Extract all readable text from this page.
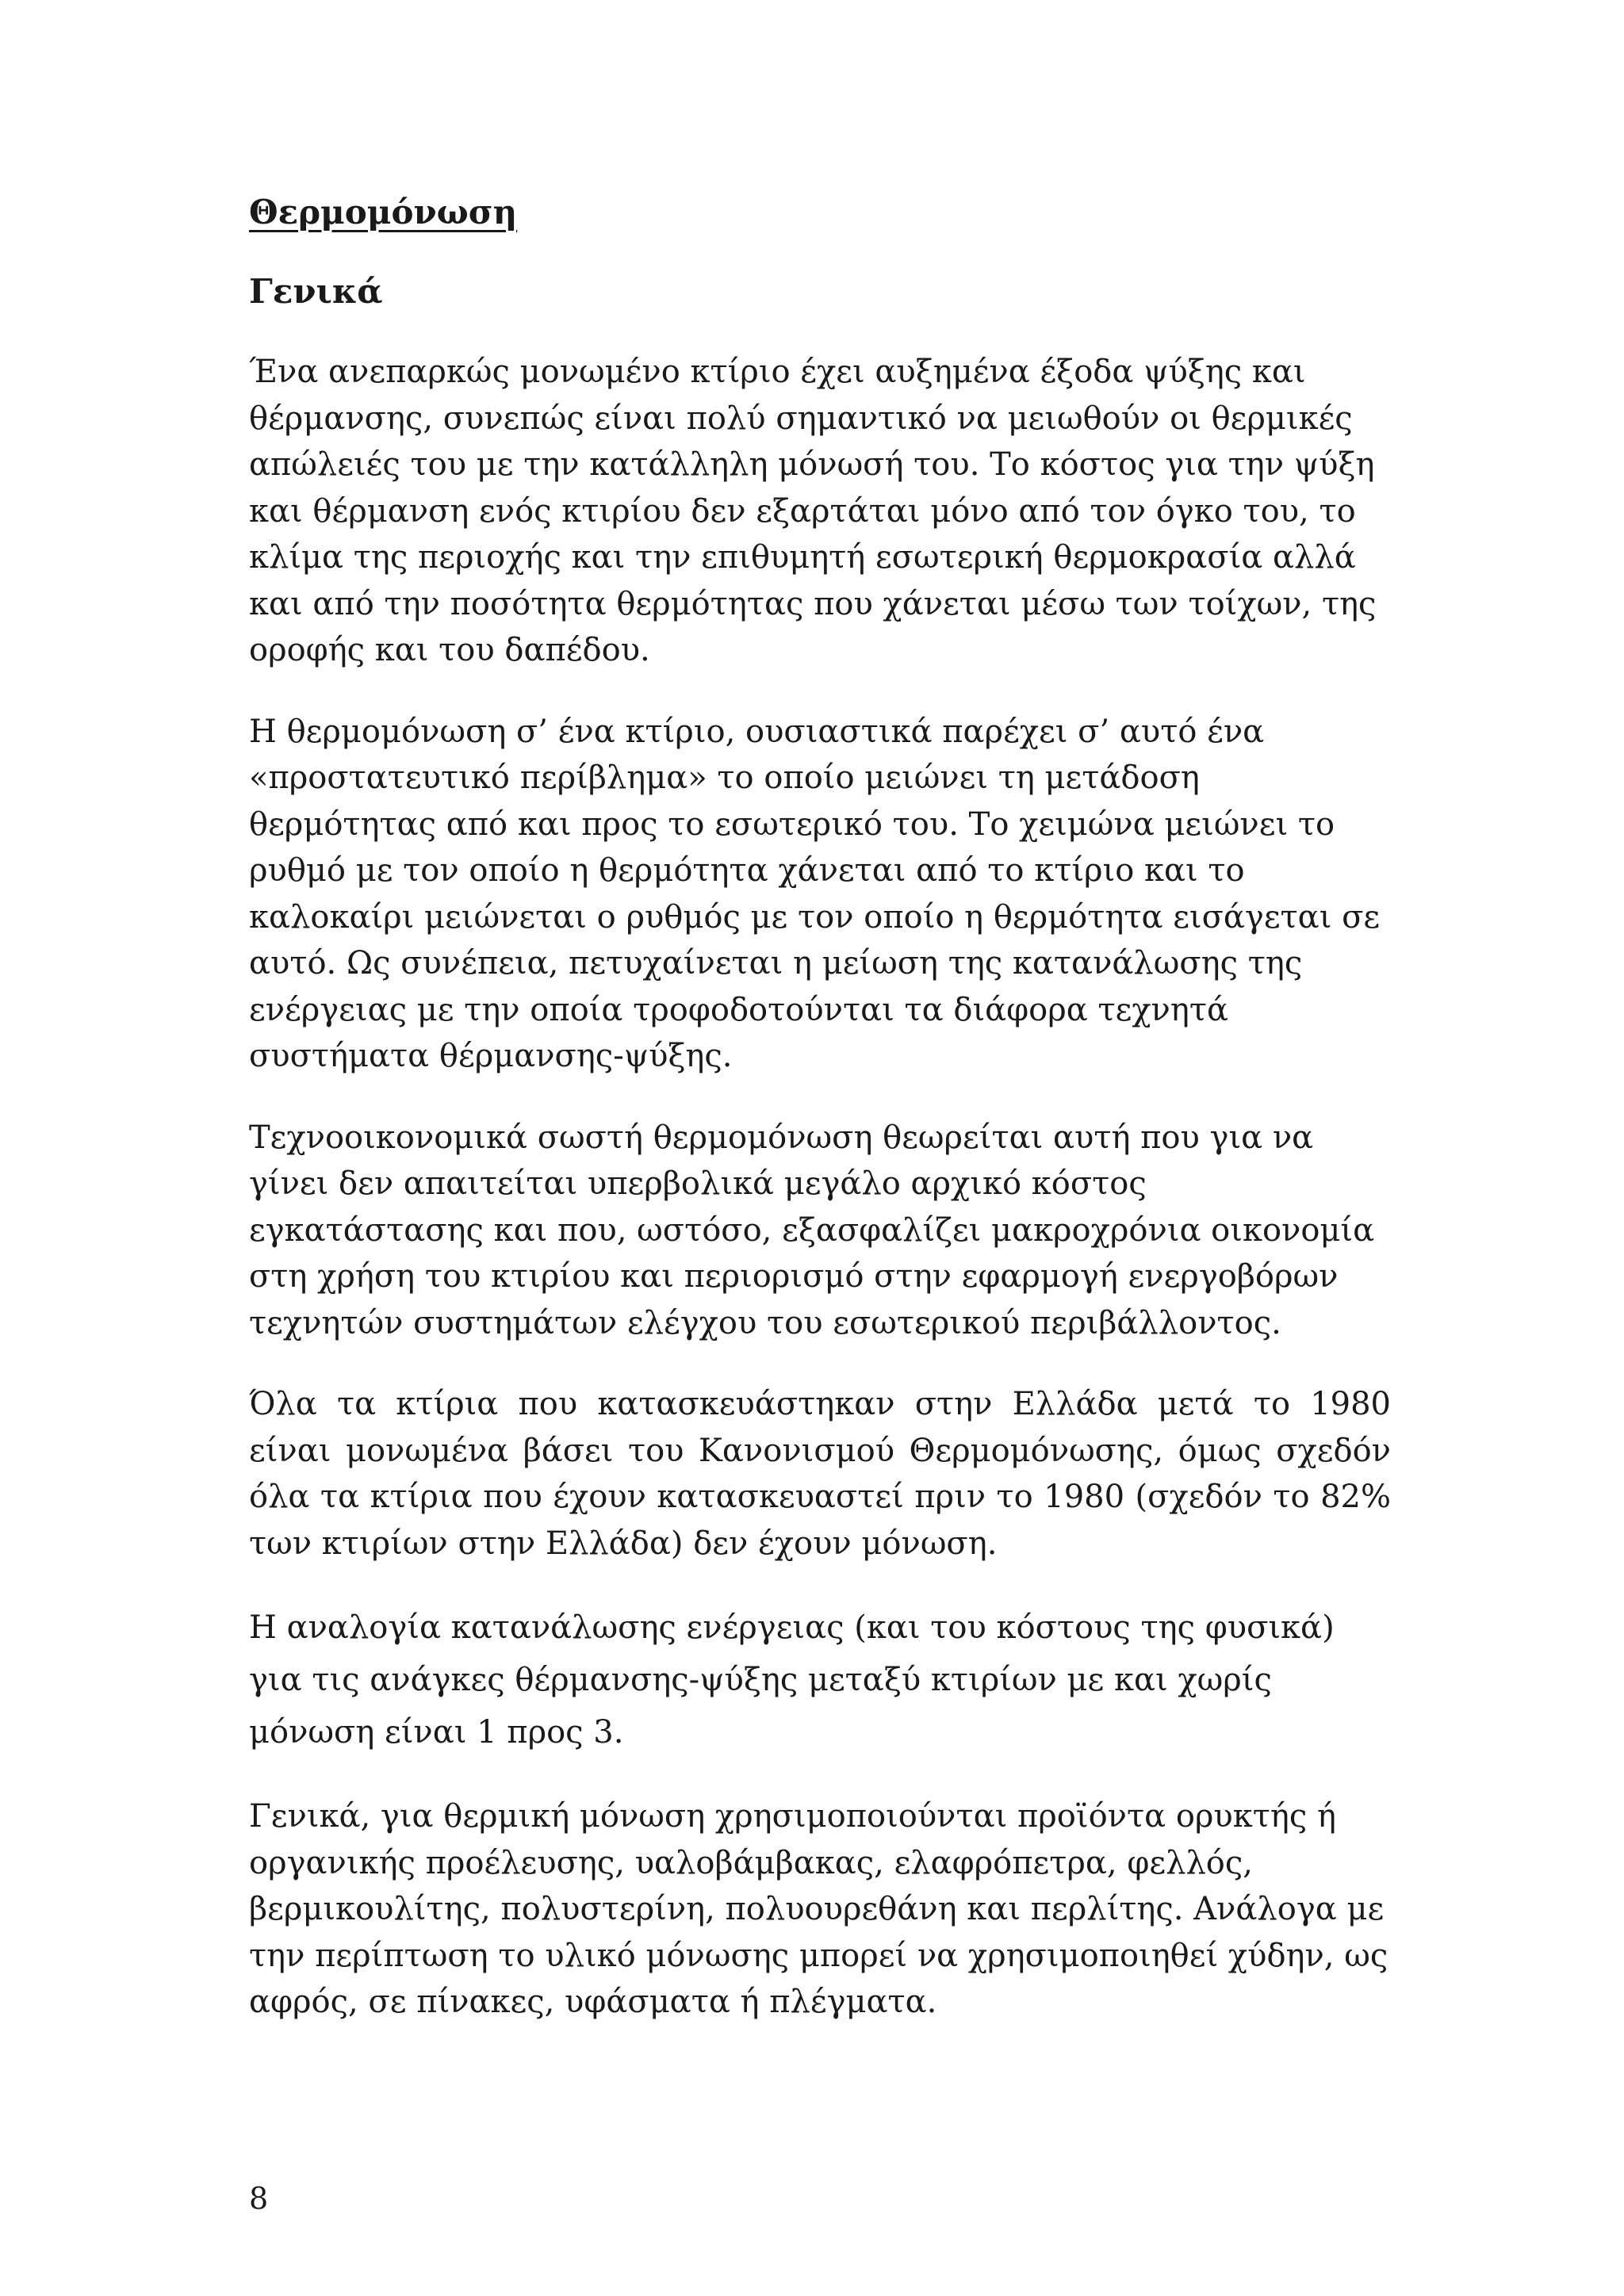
Θερμομόνωση
Γενικά

Ένα ανεπαρκώς μονωμένο κτίριο έχει αυξημένα έξοδα ψύξης και θέρμανσης, συνεπώς είναι πολύ σημαντικό να μειωθούν οι θερμικές απώλειές του με την κατάλληλη μόνωσή του. Το κόστος για την ψύξη και θέρμανση ενός κτιρίου δεν εξαρτάται μόνο από τον όγκο του, το κλίμα της περιοχής και την επιθυμητή εσωτερική θερμοκρασία αλλά και από την ποσότητα θερμότητας που χάνεται μέσω των τοίχων, της οροφής και του δαπέδου.

Η θερμομόνωση σ’ ένα κτίριο, ουσιαστικά παρέχει σ’ αυτό ένα «προστατευτικό περίβλημα» το οποίο μειώνει τη μετάδοση θερμότητας από και προς το εσωτερικό του. Το χειμώνα μειώνει το ρυθμό με τον οποίο η θερμότητα χάνεται από το κτίριο και το καλοκαίρι μειώνεται ο ρυθμός με τον οποίο η θερμότητα εισάγεται σε αυτό. Ως συνέπεια, πετυχαίνεται η μείωση της κατανάλωσης της ενέργειας με την οποία τροφοδοτούνται τα διάφορα τεχνητά συστήματα θέρμανσης-ψύξης.

Τεχνοοικονομικά σωστή θερμομόνωση θεωρείται αυτή που για να γίνει δεν απαιτείται υπερβολικά μεγάλο αρχικό κόστος εγκατάστασης και που, ωστόσο, εξασφαλίζει μακροχρόνια οικονομία στη χρήση του κτιρίου και περιορισμό στην εφαρμογή ενεργοβόρων τεχνητών συστημάτων ελέγχου του εσωτερικού περιβάλλοντος.

Όλα τα κτίρια που κατασκευάστηκαν στην Ελλάδα μετά το 1980 είναι μονωμένα βάσει του Κανονισμού Θερμομόνωσης, όμως σχεδόν όλα τα κτίρια που έχουν κατασκευαστεί πριν το 1980 (σχεδόν το 82% των κτιρίων στην Ελλάδα) δεν έχουν μόνωση.

Η αναλογία κατανάλωσης ενέργειας (και του κόστους της φυσικά) για τις ανάγκες θέρμανσης-ψύξης μεταξύ κτιρίων με και χωρίς μόνωση είναι 1 προς 3.

Γενικά, για θερμική μόνωση χρησιμοποιούνται προϊόντα ορυκτής ή οργανικής προέλευσης, υαλοβάμβακας, ελαφρόπετρα, φελλός, βερμικουλίτης, πολυστερίνη, πολυουρεθάνη και περλίτης. Ανάλογα με την περίπτωση το υλικό μόνωσης μπορεί να χρησιμοποιηθεί χύδην, ως αφρός, σε πίνακες, υφάσματα ή πλέγματα.

8
